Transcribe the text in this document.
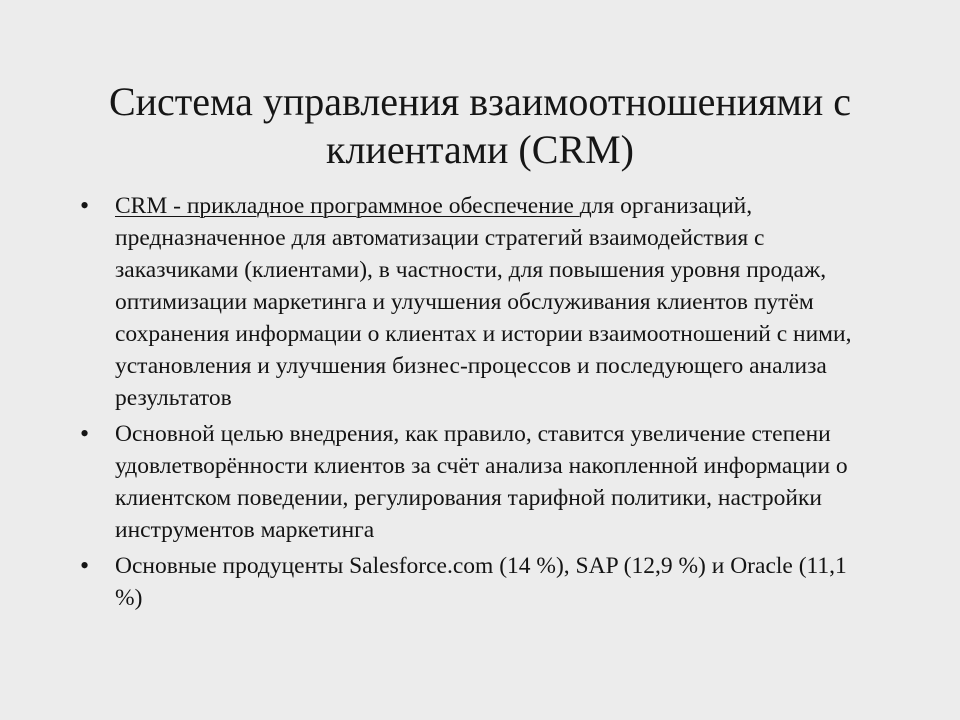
Система управления взаимоотношениями с
клиентами (CRM)
• CRM - прикладное программное обеспечение для организаций, предназначенное для автоматизации стратегий взаимодействия с заказчиками (клиентами), в частности, для повышения уровня продаж, оптимизации маркетинга и улучшения обслуживания клиентов путём сохранения информации о клиентах и истории взаимоотношений с ними, установления и улучшения бизнес-процессов и последующего анализа результатов
• Основной целью внедрения, как правило, ставится увеличение степени удовлетворённости клиентов за счёт анализа накопленной информации о клиентском поведении, регулирования тарифной политики, настройки инструментов маркетинга
• Основные продуценты Salesforce.com (14 %), SAP (12,9 %) и Oracle (11,1 %)
